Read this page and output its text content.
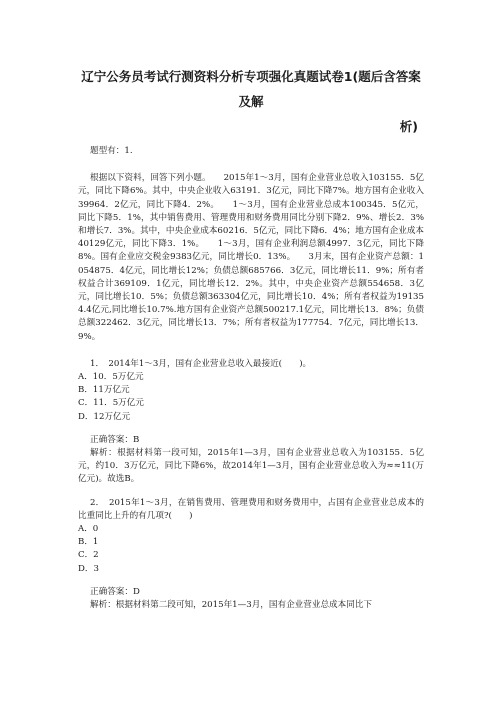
辽宁公务员考试行测资料分析专项强化真题试卷1(题后含答案及解
析)

题型有：1.

根据以下资料，回答下列小题。　　2015年1～3月，国有企业营业总收入103155．5亿元，同比下降6%。其中，中央企业收入63191．3亿元，同比下降7%。地方国有企业收入39964．2亿元，同比下降4．2%。　　1～3月，国有企业营业总成本100345．5亿元，同比下降5．1%，其中销售费用、管理费用和财务费用同比分别下降2．9%、增长2．3%和增长7．3%。其中，中央企业成本60216．5亿元，同比下降6．4%；地方国有企业成本40129亿元，同比下降3．1%。　　1～3月，国有企业利润总额4997．3亿元，同比下降8%。国有企业应交税金9383亿元，同比增长0．13%。　　3月末，国有企业资产总额：1054875．4亿元，同比增长12%；负债总额685766．3亿元，同比增长11．9%；所有者权益合计369109．1亿元，同比增长12．2%。其中，中央企业资产总额554658．3亿元，同比增长10．5%；负债总额363304亿元，同比增长10．4%；所有者权益为191354.4亿元,同比增长10.7%.地方国有企业资产总额500217.1亿元，同比增长13．8%；负债总额322462．3亿元，同比增长13．7%；所有者权益为177754．7亿元，同比增长13．9%。

1．　2014年1～3月，国有企业营业总收入最接近(　　)。

A．10．5万亿元

B．11万亿元

C．11．5万亿元

D．12万亿元

正确答案：B

解析：根据材料第一段可知，2015年1—3月，国有企业营业总收入为103155．5亿元，约10．3万亿元，同比下降6%，故2014年1—3月，国有企业营业总收入为≈≈11(万亿元)。故选B。

2．　2015年1～3月，在销售费用、管理费用和财务费用中，占国有企业营业总成本的比重同比上升的有几项?(　　)

A．0

B．1

C．2

D．3

正确答案：D

解析：根据材料第二段可知，2015年1—3月，国有企业营业总成本同比下
